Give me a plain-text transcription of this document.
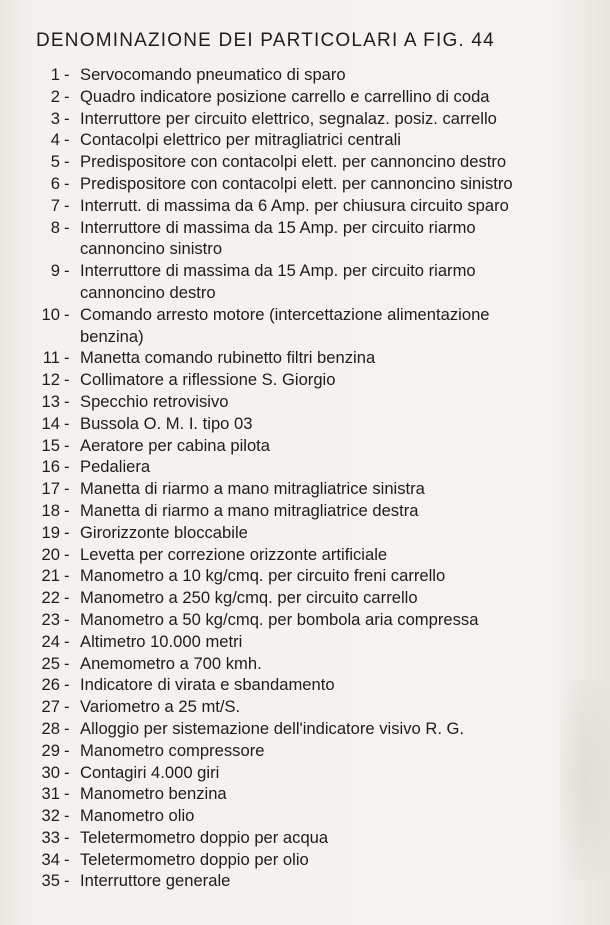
DENOMINAZIONE DEI PARTICOLARI A FIG. 44
1 - Servocomando pneumatico di sparo
2 - Quadro indicatore posizione carrello e carrellino di coda
3 - Interruttore per circuito elettrico, segnalaz. posiz. carrello
4 - Contacolpi elettrico per mitragliatrici centrali
5 - Predispositore con contacolpi elett. per cannoncino destro
6 - Predispositore con contacolpi elett. per cannoncino sinistro
7 - Interrutt. di massima da 6 Amp. per chiusura circuito sparo
8 - Interruttore di massima da 15 Amp. per circuito riarmo
cannoncino sinistro
9 - Interruttore di massima da 15 Amp. per circuito riarmo
cannoncino destro
10 - Comando arresto motore (intercettazione alimentazione
benzina)
11 - Manetta comando rubinetto filtri benzina
12 - Collimatore a riflessione S. Giorgio
13 - Specchio retrovisivo
14 - Bussola O. M. I. tipo 03
15 - Aeratore per cabina pilota
16 - Pedaliera
17 - Manetta di riarmo a mano mitragliatrice sinistra
18 - Manetta di riarmo a mano mitragliatrice destra
19 - Girorizzonte bloccabile
20 - Levetta per correzione orizzonte artificiale
21 - Manometro a 10 kg/cmq. per circuito freni carrello
22 - Manometro a 250 kg/cmq. per circuito carrello
23 - Manometro a 50 kg/cmq. per bombola aria compressa
24 - Altimetro 10.000 metri
25 - Anemometro a 700 kmh.
26 - Indicatore di virata e sbandamento
27 - Variometro a 25 mt/S.
28 - Alloggio per sistemazione dell'indicatore visivo R. G.
29 - Manometro compressore
30 - Contagiri 4.000 giri
31 - Manometro benzina
32 - Manometro olio
33 - Teletermometro doppio per acqua
34 - Teletermometro doppio per olio
35 - Interruttore generale
